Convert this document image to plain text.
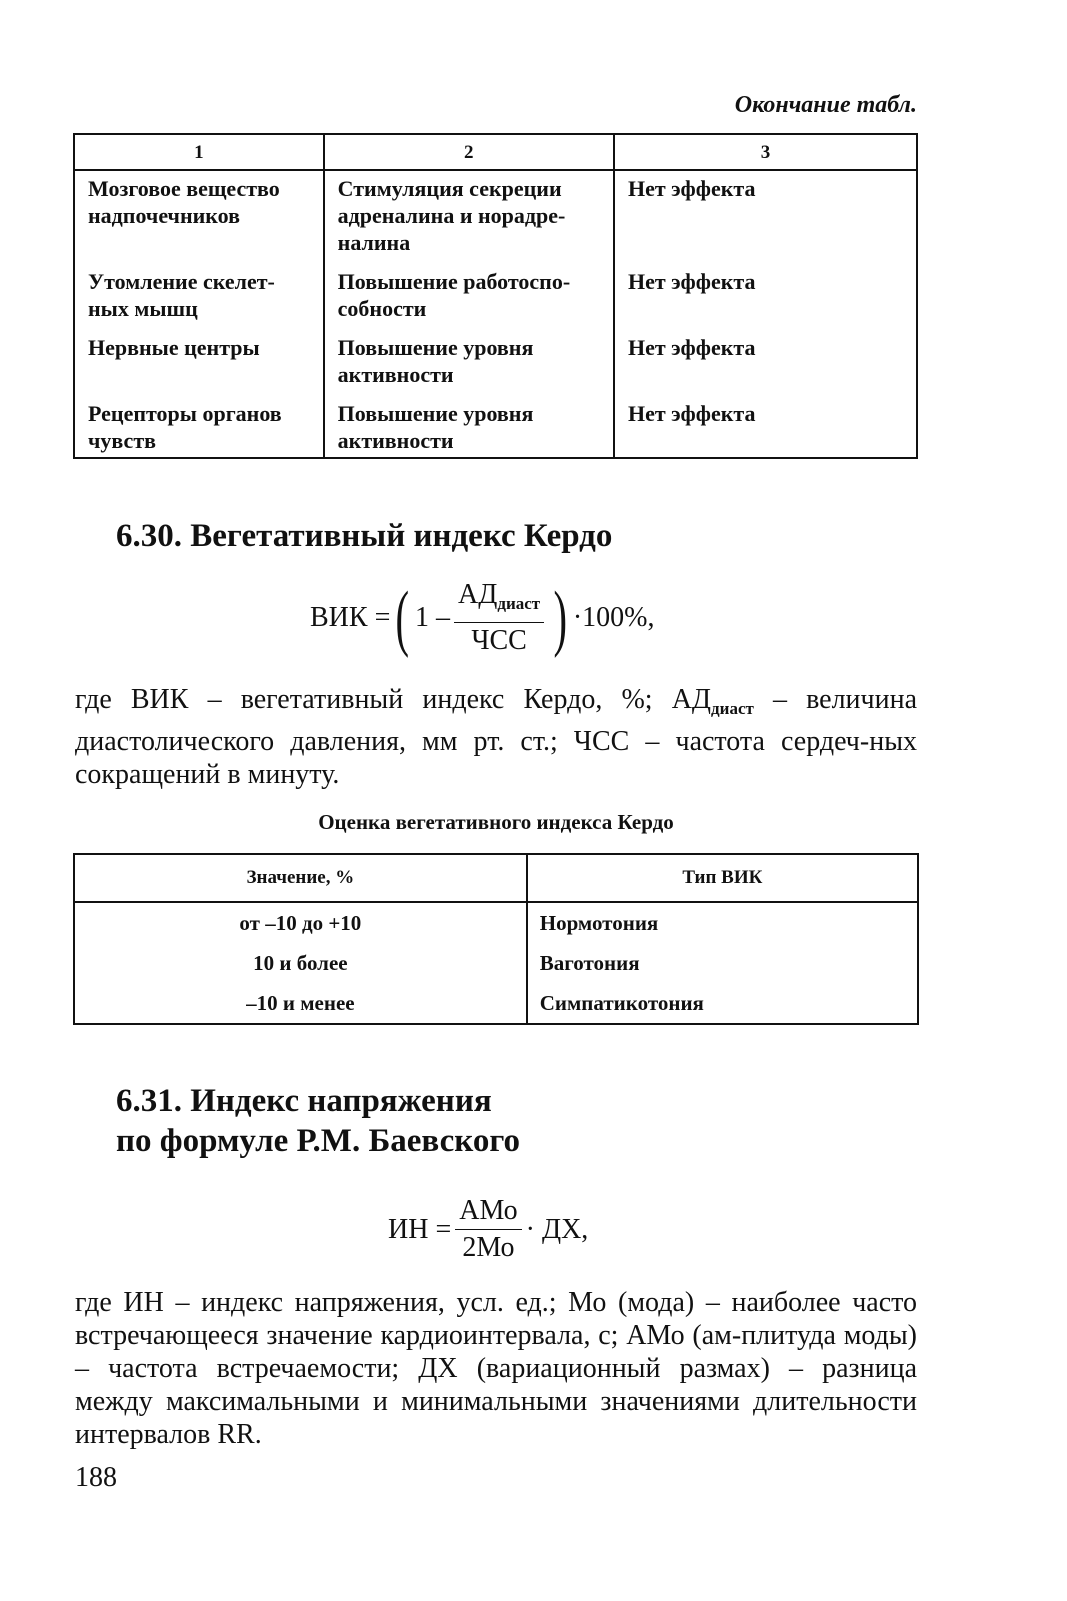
Окончание табл.
1	2	3
Мозговое вещество надпочечников	Стимуляция секреции адреналина и норадре-налина	Нет эффекта
Утомление скелет-ных мышц	Повышение работоспо-собности	Нет эффекта
Нервные центры	Повышение уровня активности	Нет эффекта
Рецепторы органов чувств	Повышение уровня активности	Нет эффекта
6.30. Вегетативный индекс Кердо
ВИК = ( $1 - \frac{АД_{диаст}}{\text{ЧСС}}$ ) ·100%,

где ВИК – вегетативный индекс Кердо, %; $АД_{диаст}$ – величина диастолического давления, мм рт. ст.; ЧСС – частота сердеч-ных сокращений в минуту.

Оценка вегетативного индекса Кердо
Значение, %	Тип ВИК
от –10 до +10	Нормотония
10 и более	Ваготония
–10 и менее	Симпатикотония
6.31. Индекс напряжения
по формуле Р.М. Баевского
ИН = $\frac{\text{АМо}}{2Мо}$ · ДХ,

где ИН – индекс напряжения, усл. ед.; Мо (мода) – наиболее часто встречающееся значение кардиоинтервала, с; АМо (ам-плитуда моды) – частота встречаемости; ДХ (вариационный размах) – разница между максимальными и минимальными значениями длительности интервалов RR.

188
